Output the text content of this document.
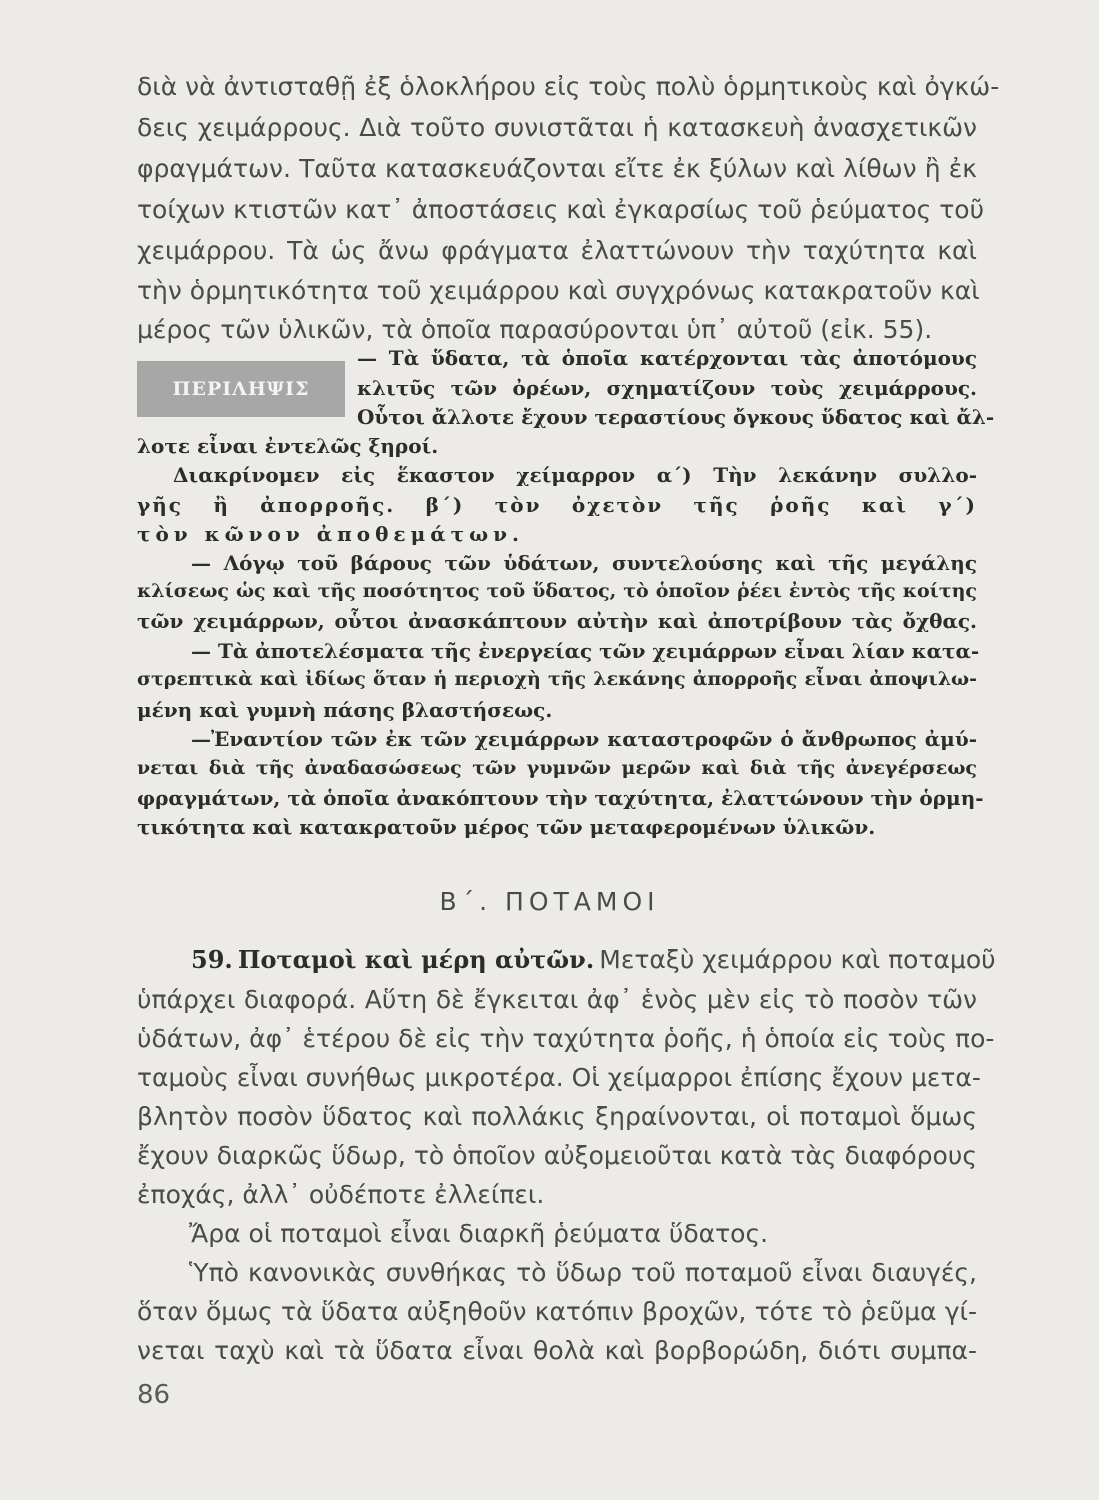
διὰ νὰ ἀντισταθῇ ἐξ ὁλοκλήρου εἰς τοὺς πολὺ ὁρμητικοὺς καὶ ὀγκώ-
δεις χειμάρρους. Διὰ τοῦτο συνιστᾶται ἡ κατασκευὴ ἀνασχετικῶν
φραγμάτων. Ταῦτα κατασκευάζονται εἴτε ἐκ ξύλων καὶ λίθων ἢ ἐκ
τοίχων κτιστῶν κατ᾽ ἀποστάσεις καὶ ἐγκαρσίως τοῦ ῥεύματος τοῦ
χειμάρρου. Τὰ ὡς ἄνω φράγματα ἐλαττώνουν τὴν ταχύτητα καὶ
τὴν ὁρμητικότητα τοῦ χειμάρρου καὶ συγχρόνως κατακρατοῦν καὶ
μέρος τῶν ὑλικῶν, τὰ ὁποῖα παρασύρονται ὑπ᾽ αὐτοῦ (εἰκ. 55).
ΠΕΡΙΛΗΨΙΣ
— Τὰ ὕδατα, τὰ ὁποῖα κατέρχονται τὰς ἀποτόμους
κλιτῦς τῶν ὀρέων, σχηματίζουν τοὺς χειμάρρους.
Οὗτοι ἄλλοτε ἔχουν τεραστίους ὄγκους ὕδατος καὶ ἄλ-
λοτε εἶναι ἐντελῶς ξηροί.
Διακρίνομεν εἰς ἕκαστον χείμαρρον α΄) Τὴν λεκάνην συλλο-
γῆς ἢ ἀπορροῆς. β΄) τὸν ὀχετὸν τῆς ῥοῆς καὶ γ΄)
τὸν κῶνον ἀποθεμάτων.
— Λόγῳ τοῦ βάρους τῶν ὑδάτων, συντελούσης καὶ τῆς μεγάλης
κλίσεως ὡς καὶ τῆς ποσότητος τοῦ ὕδατος, τὸ ὁποῖον ῥέει ἐντὸς τῆς κοίτης
τῶν χειμάρρων, οὗτοι ἀνασκάπτουν αὐτὴν καὶ ἀποτρίβουν τὰς ὄχθας.
— Τὰ ἀποτελέσματα τῆς ἐνεργείας τῶν χειμάρρων εἶναι λίαν κατα-
στρεπτικὰ καὶ ἰδίως ὅταν ἡ περιοχὴ τῆς λεκάνης ἀπορροῆς εἶναι ἀποψιλω-
μένη καὶ γυμνὴ πάσης βλαστήσεως.
—Ἐναντίον τῶν ἐκ τῶν χειμάρρων καταστροφῶν ὁ ἄνθρωπος ἀμύ-
νεται διὰ τῆς ἀναδασώσεως τῶν γυμνῶν μερῶν καὶ διὰ τῆς ἀνεγέρσεως
φραγμάτων, τὰ ὁποῖα ἀνακόπτουν τὴν ταχύτητα, ἐλαττώνουν τὴν ὁρμη-
τικότητα καὶ κατακρατοῦν μέρος τῶν μεταφερομένων ὑλικῶν.
Β΄. ΠΟΤΑΜΟΙ
59. Ποταμοὶ καὶ μέρη αὐτῶν. Μεταξὺ χειμάρρου καὶ ποταμοῦ
ὑπάρχει διαφορά. Αὕτη δὲ ἔγκειται ἀφ᾽ ἑνὸς μὲν εἰς τὸ ποσὸν τῶν
ὑδάτων, ἀφ᾽ ἑτέρου δὲ εἰς τὴν ταχύτητα ῥοῆς, ἡ ὁποία εἰς τοὺς πο-
ταμοὺς εἶναι συνήθως μικροτέρα. Οἱ χείμαρροι ἐπίσης ἔχουν μετα-
βλητὸν ποσὸν ὕδατος καὶ πολλάκις ξηραίνονται, οἱ ποταμοὶ ὅμως
ἔχουν διαρκῶς ὕδωρ, τὸ ὁποῖον αὐξομειοῦται κατὰ τὰς διαφόρους
ἐποχάς, ἀλλ᾽ οὐδέποτε ἐλλείπει.
Ἄρα οἱ ποταμοὶ εἶναι διαρκῆ ῥεύματα ὕδατος.
Ὑπὸ κανονικὰς συνθήκας τὸ ὕδωρ τοῦ ποταμοῦ εἶναι διαυγές,
ὅταν ὅμως τὰ ὕδατα αὐξηθοῦν κατόπιν βροχῶν, τότε τὸ ῥεῦμα γί-
νεται ταχὺ καὶ τὰ ὕδατα εἶναι θολὰ καὶ βορβορώδη, διότι συμπα-
86
